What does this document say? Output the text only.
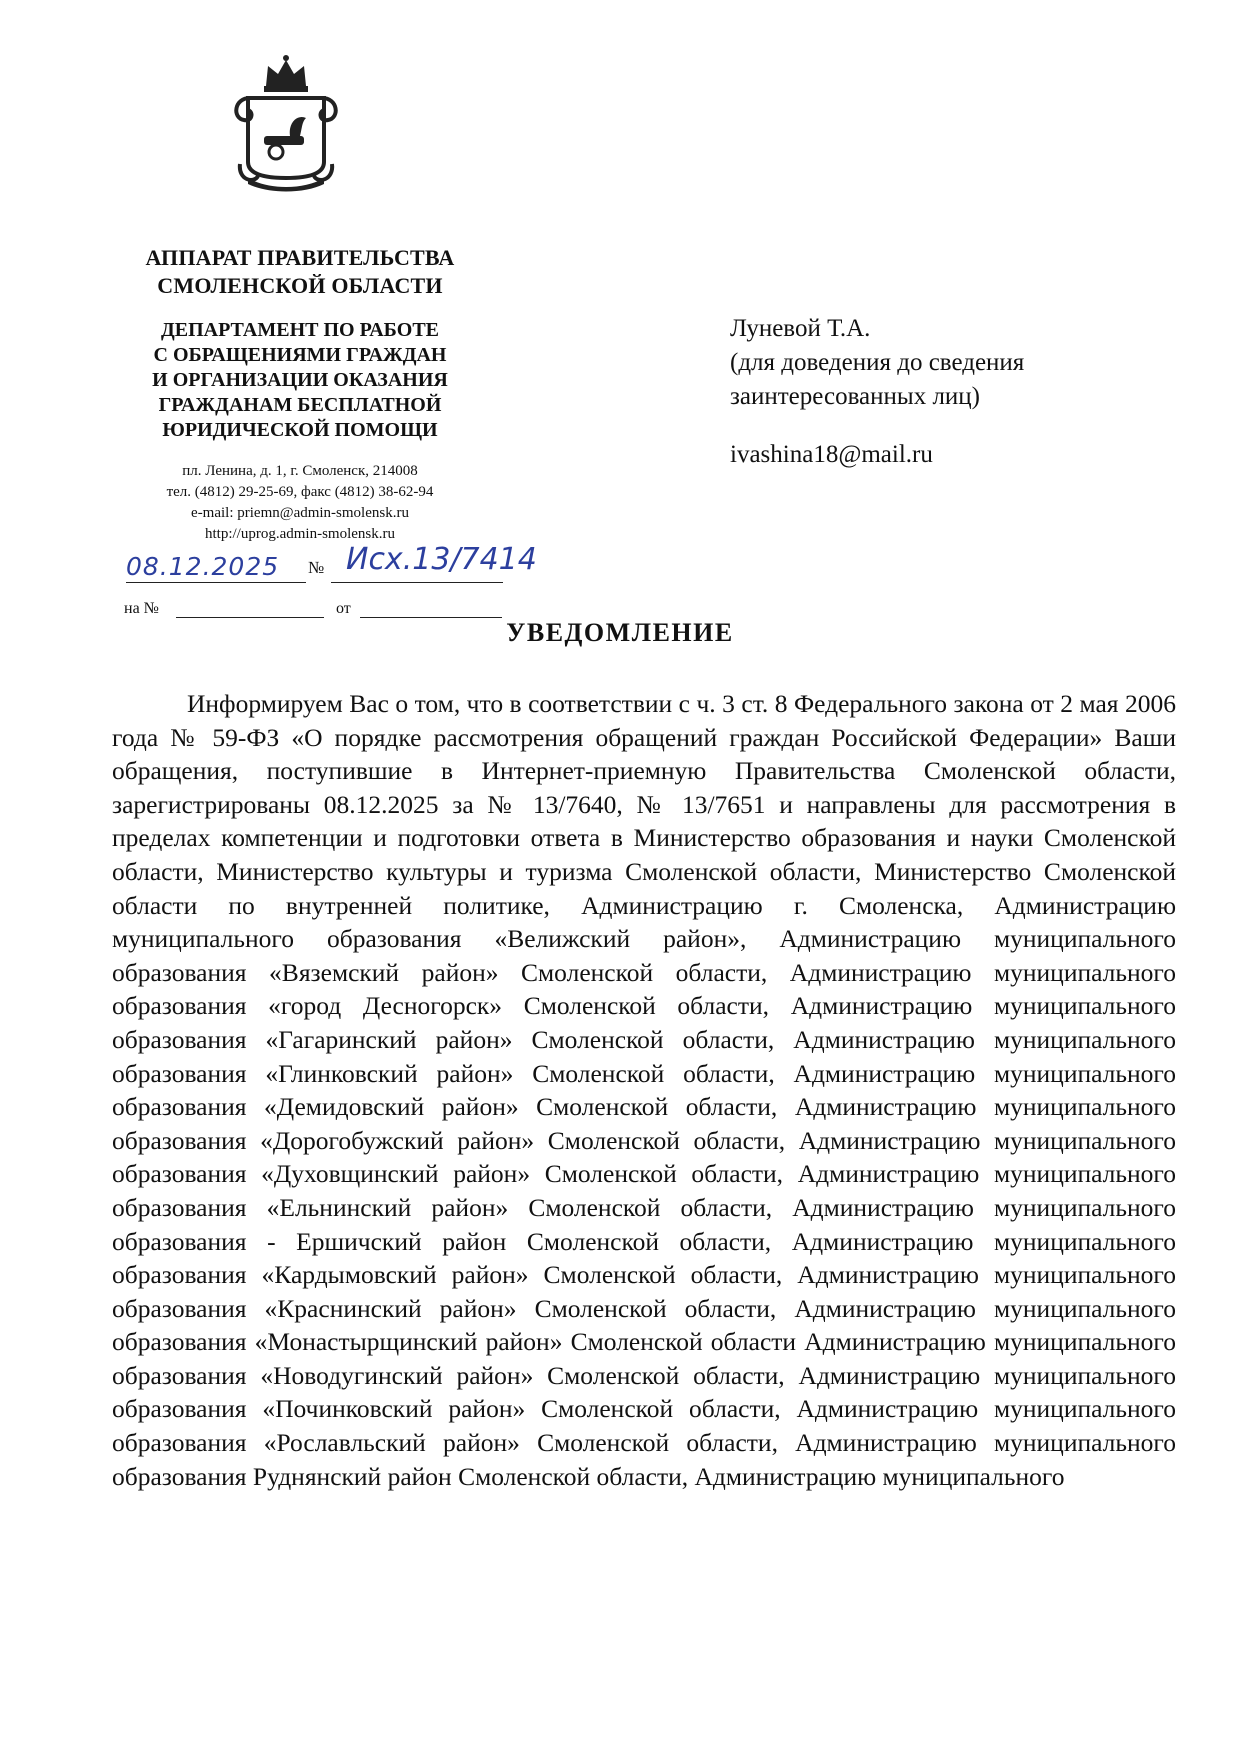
АППАРАТ ПРАВИТЕЛЬСТВА
СМОЛЕНСКОЙ ОБЛАСТИ
ДЕПАРТАМЕНТ ПО РАБОТЕ
С ОБРАЩЕНИЯМИ ГРАЖДАН
И ОРГАНИЗАЦИИ ОКАЗАНИЯ
ГРАЖДАНАМ БЕСПЛАТНОЙ
ЮРИДИЧЕСКОЙ ПОМОЩИ
пл. Ленина, д. 1, г. Смоленск, 214008
тел. (4812) 29-25-69, факс (4812) 38-62-94
e-mail: priemn@admin-smolensk.ru
http://uprog.admin-smolensk.ru
08.12.2025 № Исх.13/7414
на №	от
Луневой Т.А.
(для доведения до сведения
заинтересованных лиц)
ivashina18@mail.ru
УВЕДОМЛЕНИЕ

Информируем Вас о том, что в соответствии с ч. 3 ст. 8 Федерального закона от 2 мая 2006 года № 59-ФЗ «О порядке рассмотрения обращений граждан Российской Федерации» Ваши обращения, поступившие в Интернет-приемную Правительства Смоленской области, зарегистрированы 08.12.2025 за № 13/7640, № 13/7651 и направлены для рассмотрения в пределах компетенции и подготовки ответа в Министерство образования и науки Смоленской области, Министерство культуры и туризма Смоленской области, Министерство Смоленской области по внутренней политике, Администрацию г. Смоленска, Администрацию муниципального образования «Велижский район», Администрацию муниципального образования «Вяземский район» Смоленской области, Администрацию муниципального образования «город Десногорск» Смоленской области, Администрацию муниципального образования «Гагаринский район» Смоленской области, Администрацию муниципального образования «Глинковский район» Смоленской области, Администрацию муниципального образования «Демидовский район» Смоленской области, Администрацию муниципального образования «Дорогобужский район» Смоленской области, Администрацию муниципального образования «Духовщинский район» Смоленской области, Администрацию муниципального образования «Ельнинский район» Смоленской области, Администрацию муниципального образования - Ершичский район Смоленской области, Администрацию муниципального образования «Кардымовский район» Смоленской области, Администрацию муниципального образования «Краснинский район» Смоленской области, Администрацию муниципального образования «Монастырщинский район» Смоленской области Администрацию муниципального образования «Новодугинский район» Смоленской области, Администрацию муниципального образования «Починковский район» Смоленской области, Администрацию муниципального образования «Рославльский район» Смоленской области, Администрацию муниципального образования Руднянский район Смоленской области, Администрацию муниципального
